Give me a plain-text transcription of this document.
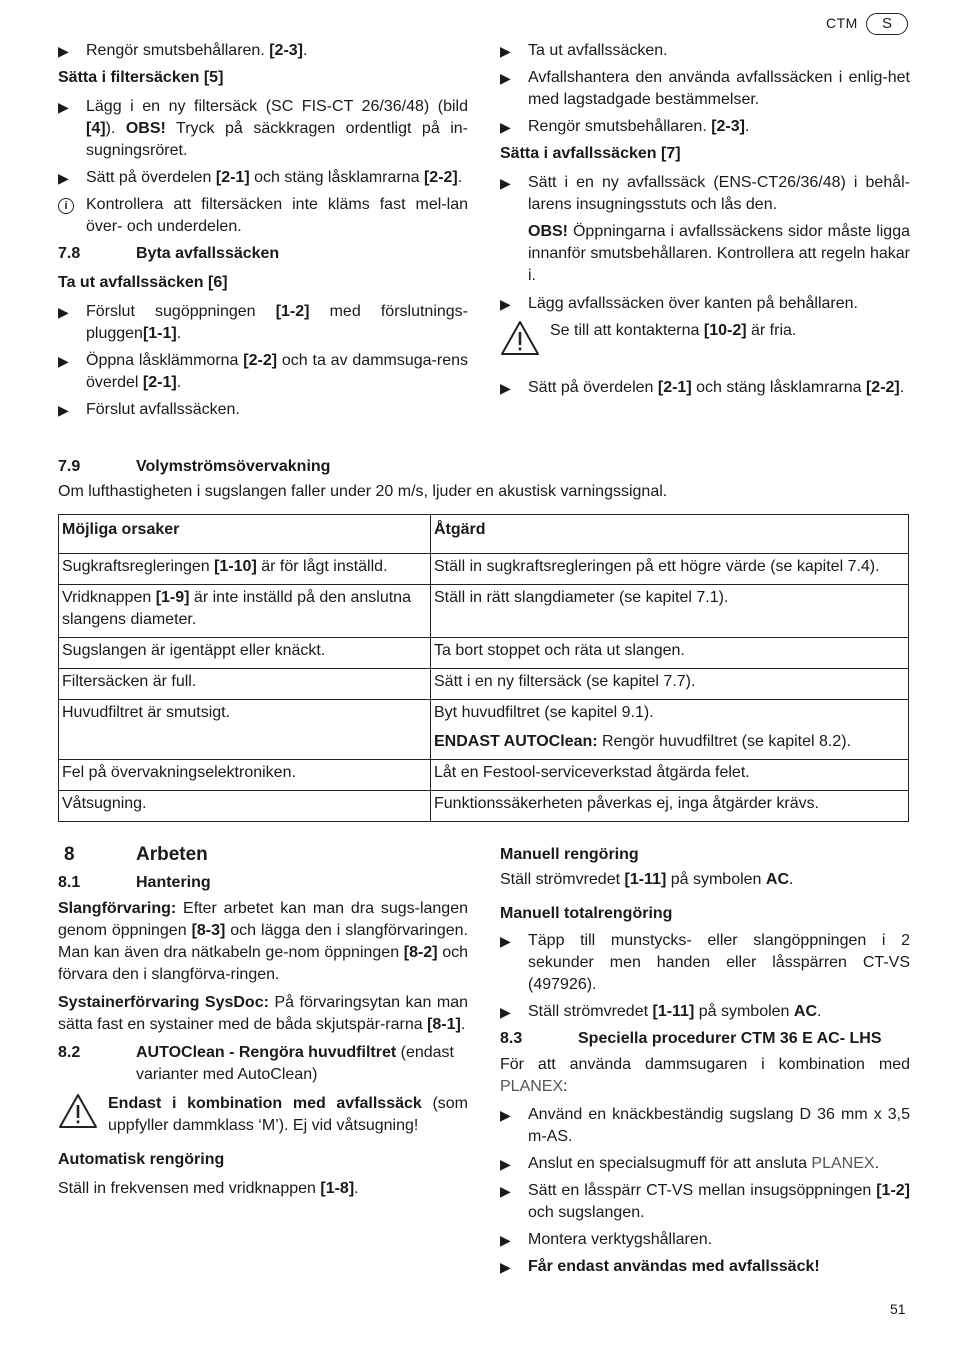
CTM	S
▶	Rengör smutsbehållaren. [2-3].
Sätta i filtersäcken [5]
▶	Lägg i en ny filtersäck (SC FIS-CT 26/36/48) (bild [4]). OBS! Tryck på säckkragen ordentligt på in-sugningsröret.
▶	Sätt på överdelen [2-1] och stäng låsklamrarna [2-2].
i	Kontrollera att filtersäcken inte kläms fast mel-lan över- och underdelen.
7.8	Byta avfallssäcken
Ta ut avfallssäcken [6]
▶	Förslut sugöppningen [1-2] med förslutnings-pluggen[1-1].
▶	Öppna låsklämmorna [2-2] och ta av dammsuga-rens överdel [2-1].
▶	Förslut avfallssäcken.
▶	Ta ut avfallssäcken.
▶	Avfallshantera den använda avfallssäcken i enlig-het med lagstadgade bestämmelser.
▶	Rengör smutsbehållaren. [2-3].
Sätta i avfallssäcken [7]
▶	Sätt i en ny avfallssäck (ENS-CT26/36/48) i behål-larens insugningsstuts och lås den.
OBS! Öppningarna i avfallssäckens sidor måste ligga innanför smutsbehållaren. Kontrollera att regeln hakar i.
▶	Lägg avfallssäcken över kanten på behållaren.
Se till att kontakterna [10-2] är fria.
▶	Sätt på överdelen [2-1] och stäng låsklamrarna [2-2].
7.9	Volymströmsövervakning
Om lufthastigheten i sugslangen faller under 20 m/s, ljuder en akustisk varningssignal.
Möjliga orsaker	Åtgärd
Sugkraftsregleringen [1-10] är för lågt inställd.	Ställ in sugkraftsregleringen på ett högre värde (se kapitel 7.4).
Vridknappen [1-9] är inte inställd på den anslutna slangens diameter.	Ställ in rätt slangdiameter (se kapitel 7.1).
Sugslangen är igentäppt eller knäckt.	Ta bort stoppet och räta ut slangen.
Filtersäcken är full.	Sätt i en ny filtersäck (se kapitel 7.7).
Huvudfiltret är smutsigt.	Byt huvudfiltret (se kapitel 9.1).
ENDAST AUTOClean: Rengör huvudfiltret (se kapitel 8.2).

Fel på övervakningselektroniken.	Låt en Festool-serviceverkstad åtgärda felet.
Våtsugning.	Funktionssäkerheten påverkas ej, inga åtgärder krävs.
8	Arbeten
8.1	Hantering
Slangförvaring: Efter arbetet kan man dra sugs-langen genom öppningen [8-3] och lägga den i slangförvaringen. Man kan även dra nätkabeln ge-nom öppningen [8-2] och förvara den i slangförva-ringen.
Systainerförvaring SysDoc: På förvaringsytan kan man sätta fast en systainer med de båda skjutspär-rarna [8-1].
8.2	AUTOClean - Rengöra huvudfiltret (endast varianter med AutoClean)
Endast i kombination med avfallssäck (som uppfyller dammklass ‘M’). Ej vid våtsugning!
Automatisk rengöring
Ställ in frekvensen med vridknappen [1-8].
Manuell rengöring
Ställ strömvredet [1-11] på symbolen AC.
Manuell totalrengöring
▶	Täpp till munstycks- eller slangöppningen i 2 sekunder men handen eller låsspärren CT-VS (497926).
▶	Ställ strömvredet [1-11] på symbolen AC.
8.3	Speciella procedurer CTM 36 E AC- LHS
För att använda dammsugaren i kombination med PLANEX:
▶	Använd en knäckbeständig sugslang D 36 mm x 3,5 m-AS.
▶	Anslut en specialsugmuff för att ansluta PLANEX.
▶	Sätt en låsspärr CT-VS mellan insugsöppningen [1-2] och sugslangen.
▶	Montera verktygshållaren.
▶	Får endast användas med avfallssäck!
51
